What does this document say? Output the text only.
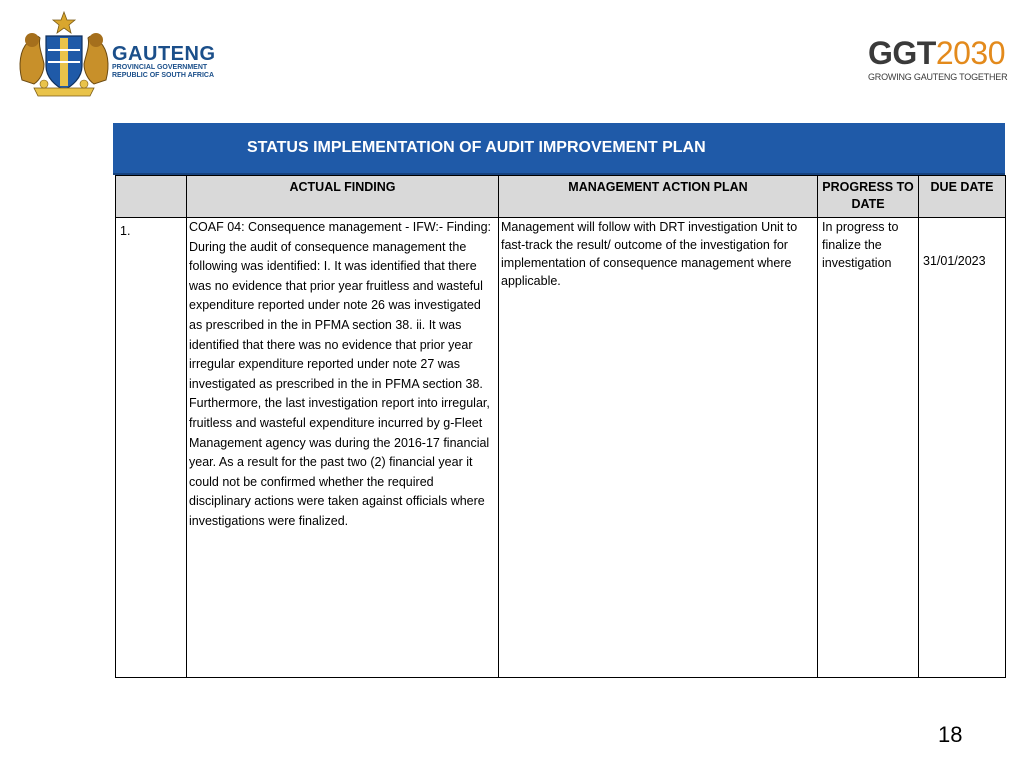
GAUTENG
PROVINCIAL GOVERNMENT
REPUBLIC OF SOUTH AFRICA
GGT2030
GROWING GAUTENG TOGETHER
STATUS IMPLEMENTATION OF AUDIT IMPROVEMENT PLAN
	ACTUAL FINDING	MANAGEMENT ACTION PLAN	PROGRESS TO DATE	DUE DATE
1.	COAF 04: Consequence management - IFW:- Finding: During the audit of consequence management the following was identified: I. It was identified that there was no evidence that prior year fruitless and wasteful expenditure reported under note 26 was investigated as prescribed in the in PFMA section 38. ii. It was identified that there was no evidence that prior year irregular expenditure reported under note 27 was investigated as prescribed in the in PFMA section 38. Furthermore, the last investigation report into irregular, fruitless and wasteful expenditure incurred by g-Fleet Management agency was during the 2016-17 financial year. As a result for the past two (2) financial year it could not be confirmed whether the required disciplinary actions were taken against officials where investigations were finalized.	Management will follow with DRT investigation Unit to fast-track the result/ outcome of the investigation for implementation of consequence management where applicable.	In progress to finalize the investigation	31/01/2023
18
